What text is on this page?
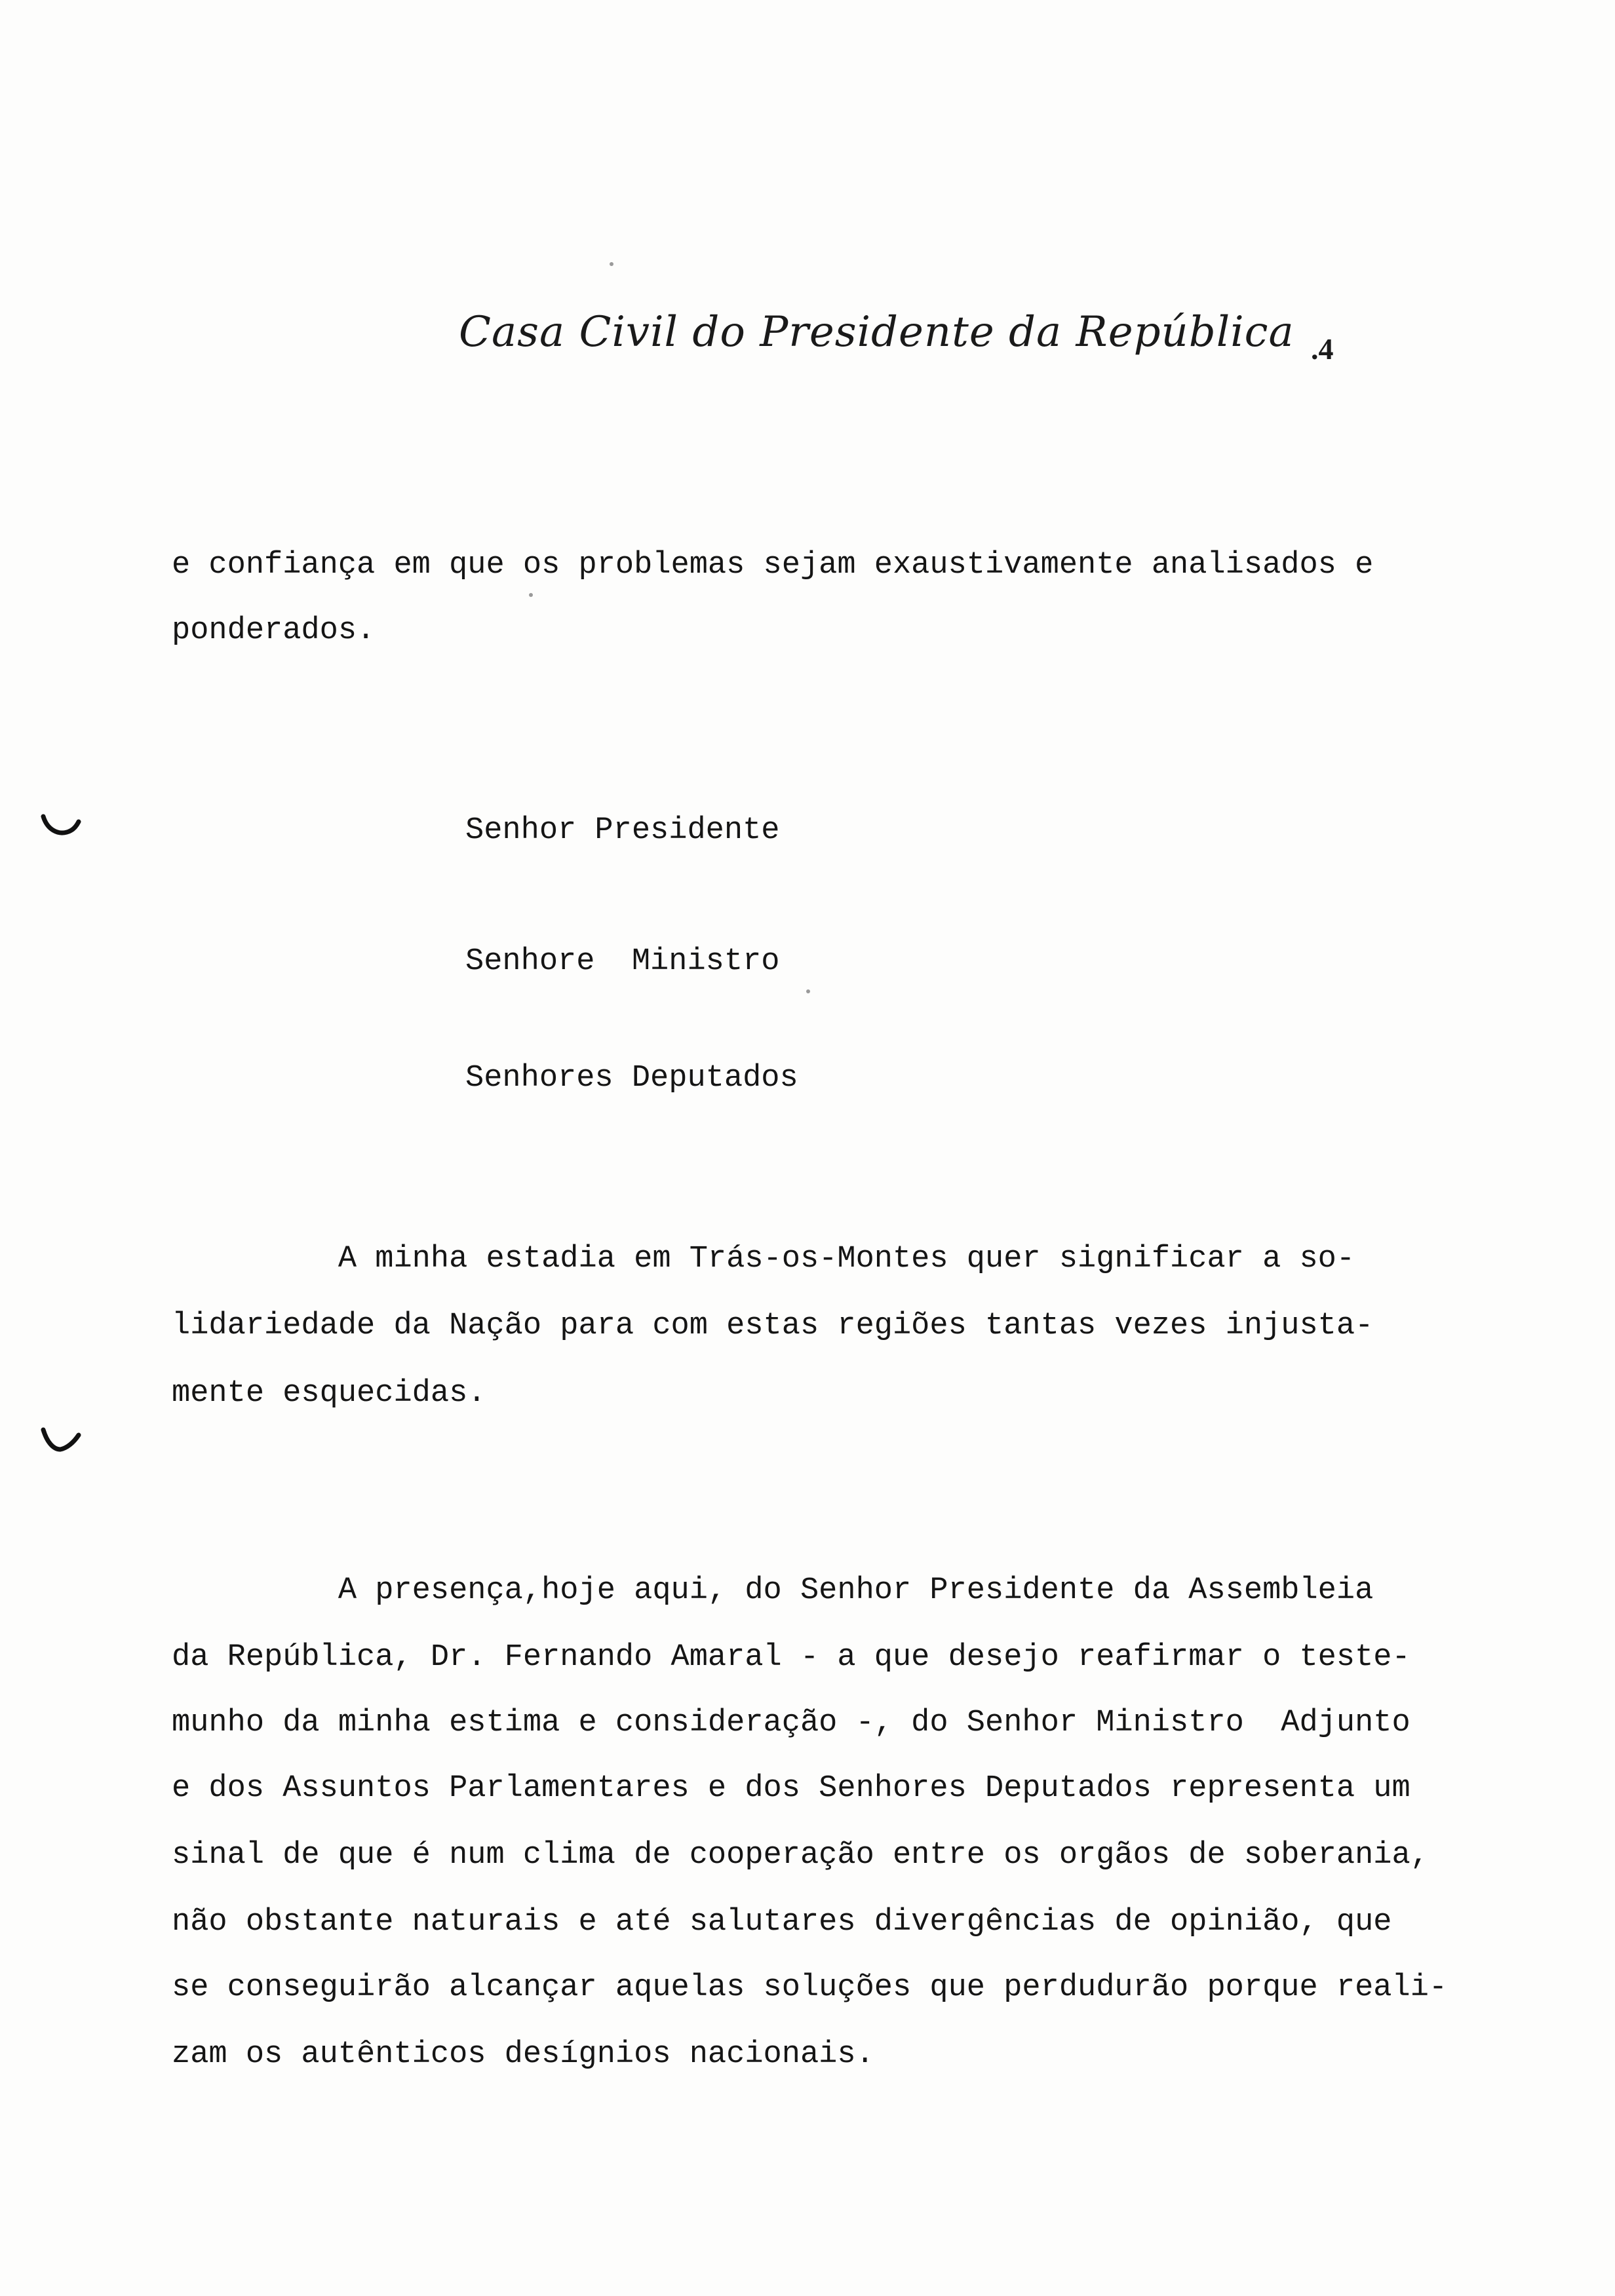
Casa Civil do Presidente da República .4
e confiança em que os problemas sejam exaustivamente analisados e
ponderados.
Senhor Presidente
Senhore  Ministro
Senhores Deputados
A minha estadia em Trás-os-Montes quer significar a so-
lidariedade da Nação para com estas regiões tantas vezes injusta-
mente esquecidas.
A presença,hoje aqui, do Senhor Presidente da Assembleia
da República, Dr. Fernando Amaral - a que desejo reafirmar o teste-
munho da minha estima e consideração -, do Senhor Ministro  Adjunto
e dos Assuntos Parlamentares e dos Senhores Deputados representa um
sinal de que é num clima de cooperação entre os orgãos de soberania,
não obstante naturais e até salutares divergências de opinião, que
se conseguirão alcançar aquelas soluções que perdudurão porque reali-
zam os autênticos desígnios nacionais.
